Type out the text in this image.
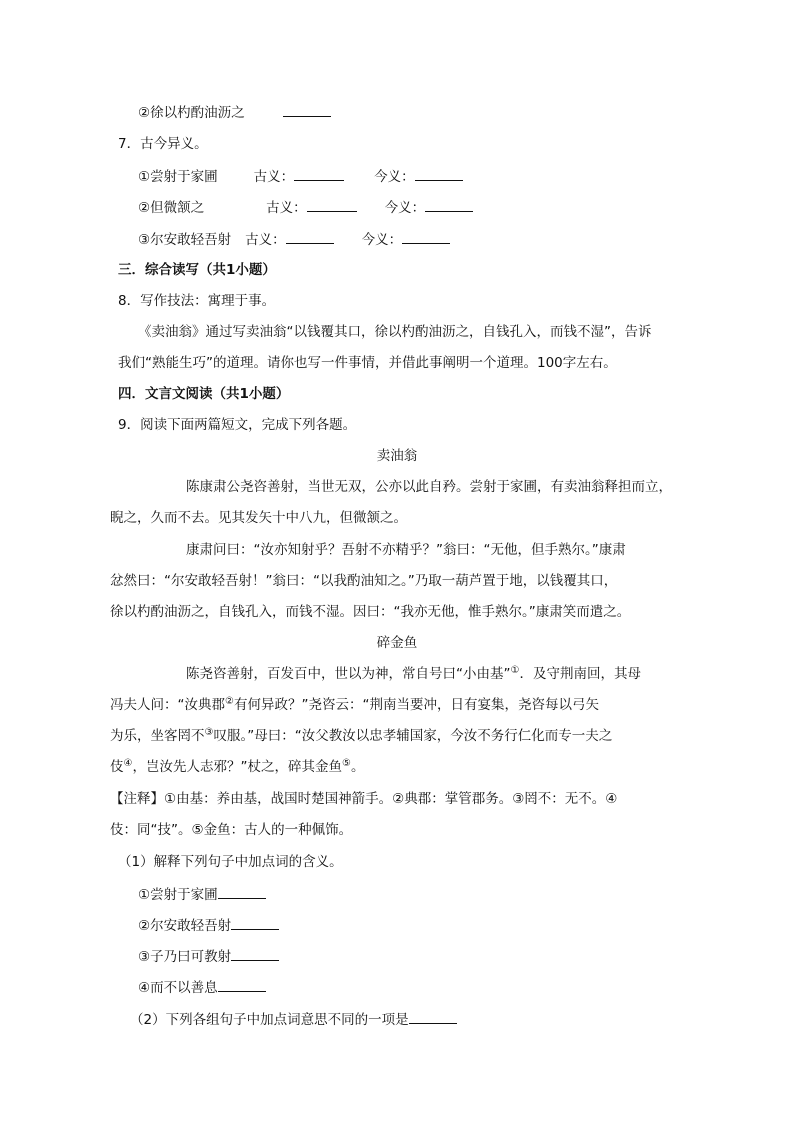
②徐以杓酌油沥之
7．古今异义。
①尝射于家圃	古义：	今义：
②但微颔之	古义：	今义：
③尔安敢轻吾射 古义：	今义：
三．综合读写（共1小题）
8．写作技法：寓理于事。
《卖油翁》通过写卖油翁“以钱覆其口，徐以杓酌油沥之，自钱孔入，而钱不湿”，告诉
我们“熟能生巧”的道理。请你也写一件事情，并借此事阐明一个道理。100字左右。
四．文言文阅读（共1小题）
9．阅读下面两篇短文，完成下列各题。
卖油翁
陈康肃公尧咨善射，当世无双，公亦以此自矜。尝射于家圃，有卖油翁释担而立，
睨之，久而不去。见其发矢十中八九，但微颔之。
康肃问曰：“汝亦知射乎？吾射不亦精乎？”翁曰：“无他，但手熟尔。”康肃
忿然曰：“尔安敢轻吾射！”翁曰：“以我酌油知之。”乃取一葫芦置于地，以钱覆其口，
徐以杓酌油沥之，自钱孔入，而钱不湿。因曰：“我亦无他，惟手熟尔。”康肃笑而遣之。
碎金鱼
陈尧咨善射，百发百中，世以为神，常自号曰“小由基”①．及守荆南回，其母
冯夫人问：“汝典郡②有何异政？”尧咨云：“荆南当要冲，日有宴集，尧咨每以弓矢
为乐，坐客罔不③叹服。”母曰：“汝父教汝以忠孝辅国家，今汝不务行仁化而专一夫之
伎④，岂汝先人志邪？”杖之，碎其金鱼⑤。
【注释】①由基：养由基，战国时楚国神箭手。②典郡：掌管郡务。③罔不：无不。④
伎：同“技”。⑤金鱼：古人的一种佩饰。
（1）解释下列句子中加点词的含义。
①尝射于家圃
②尔安敢轻吾射
③子乃曰可教射
④而不以善息
（2）下列各组句子中加点词意思不同的一项是
